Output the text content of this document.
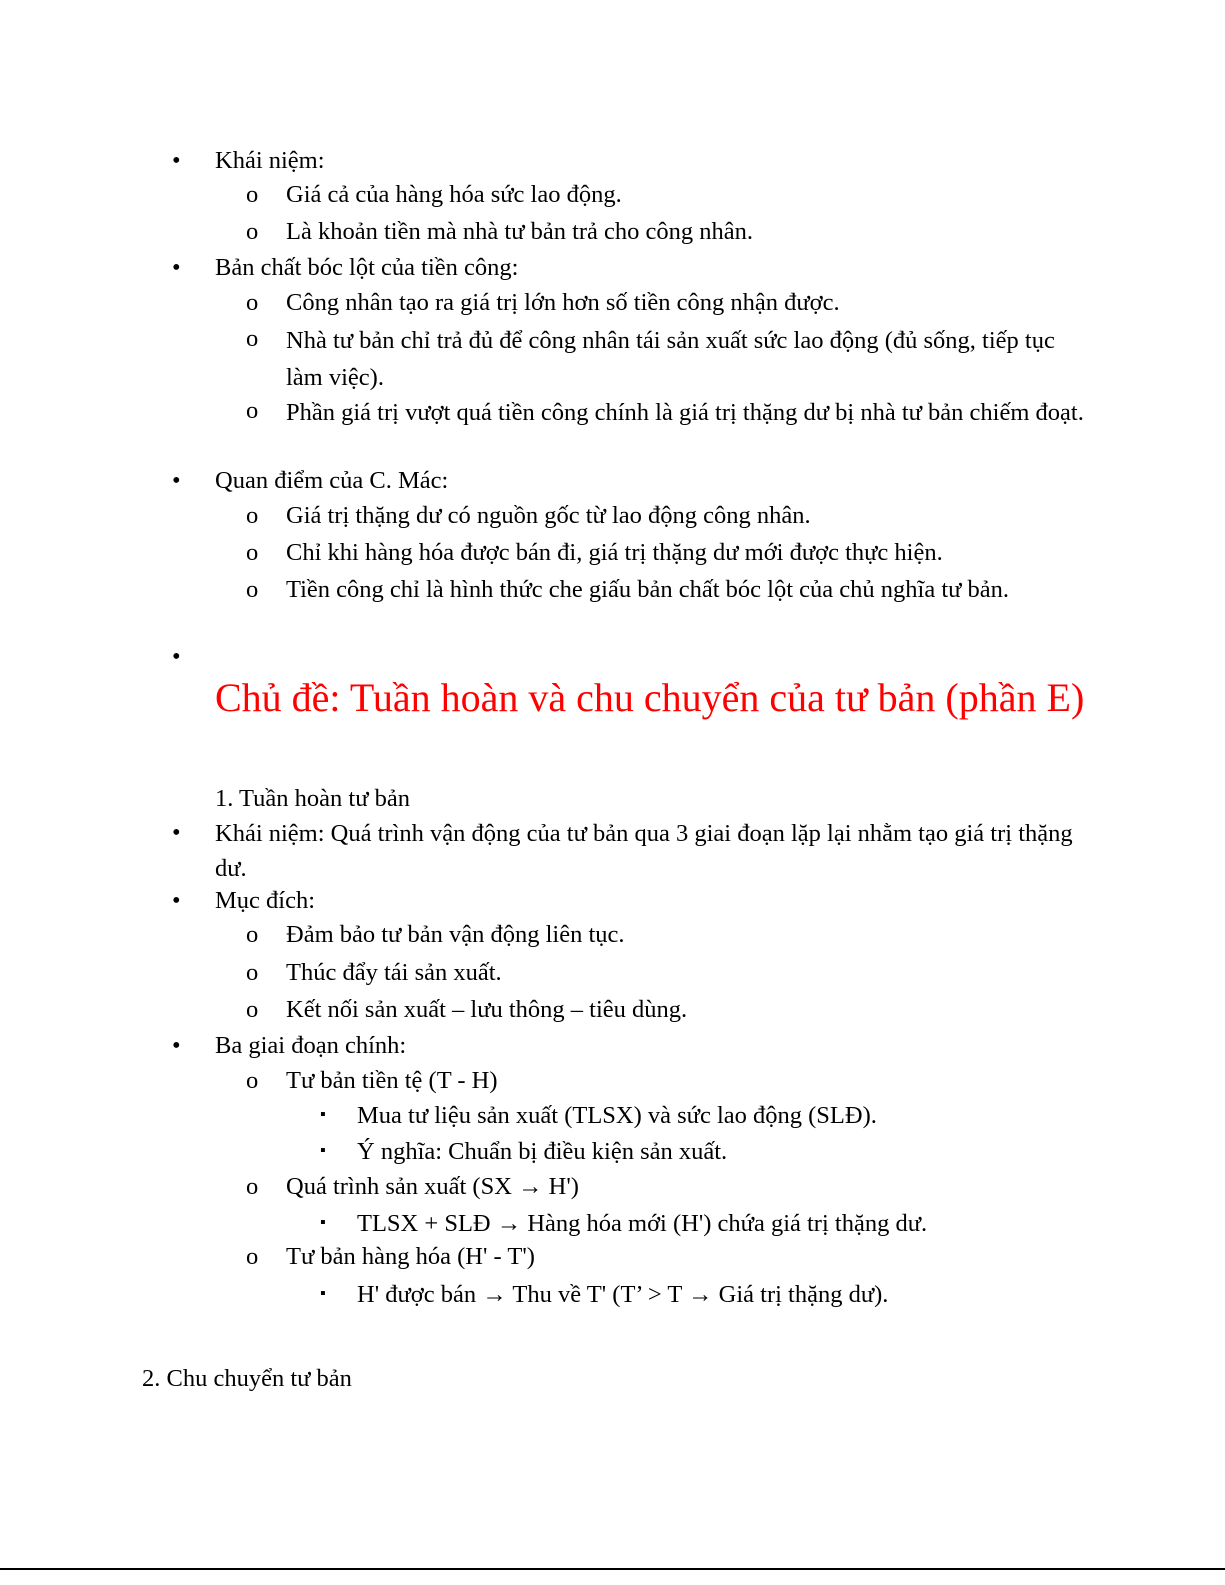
• Khái niệm:
o Giá cả của hàng hóa sức lao động.
o Là khoản tiền mà nhà tư bản trả cho công nhân.
• Bản chất bóc lột của tiền công:
o Công nhân tạo ra giá trị lớn hơn số tiền công nhận được.
o Nhà tư bản chỉ trả đủ để công nhân tái sản xuất sức lao động (đủ sống, tiếp tục làm việc).
o Phần giá trị vượt quá tiền công chính là giá trị thặng dư bị nhà tư bản chiếm đoạt.
• Quan điểm của C. Mác:
o Giá trị thặng dư có nguồn gốc từ lao động công nhân.
o Chỉ khi hàng hóa được bán đi, giá trị thặng dư mới được thực hiện.
o Tiền công chỉ là hình thức che giấu bản chất bóc lột của chủ nghĩa tư bản.
•
Chủ đề: Tuần hoàn và chu chuyển của tư bản (phần E)
1. Tuần hoàn tư bản
• Khái niệm: Quá trình vận động của tư bản qua 3 giai đoạn lặp lại nhằm tạo giá trị thặng dư.
• Mục đích:
o Đảm bảo tư bản vận động liên tục.
o Thúc đẩy tái sản xuất.
o Kết nối sản xuất – lưu thông – tiêu dùng.
• Ba giai đoạn chính:
o Tư bản tiền tệ (T - H)
▪ Mua tư liệu sản xuất (TLSX) và sức lao động (SLĐ).
▪ Ý nghĩa: Chuẩn bị điều kiện sản xuất.
o Quá trình sản xuất (SX → H')
▪ TLSX + SLĐ → Hàng hóa mới (H') chứa giá trị thặng dư.
o Tư bản hàng hóa (H' - T')
▪ H' được bán → Thu về T' (T’ > T → Giá trị thặng dư).
2. Chu chuyển tư bản
